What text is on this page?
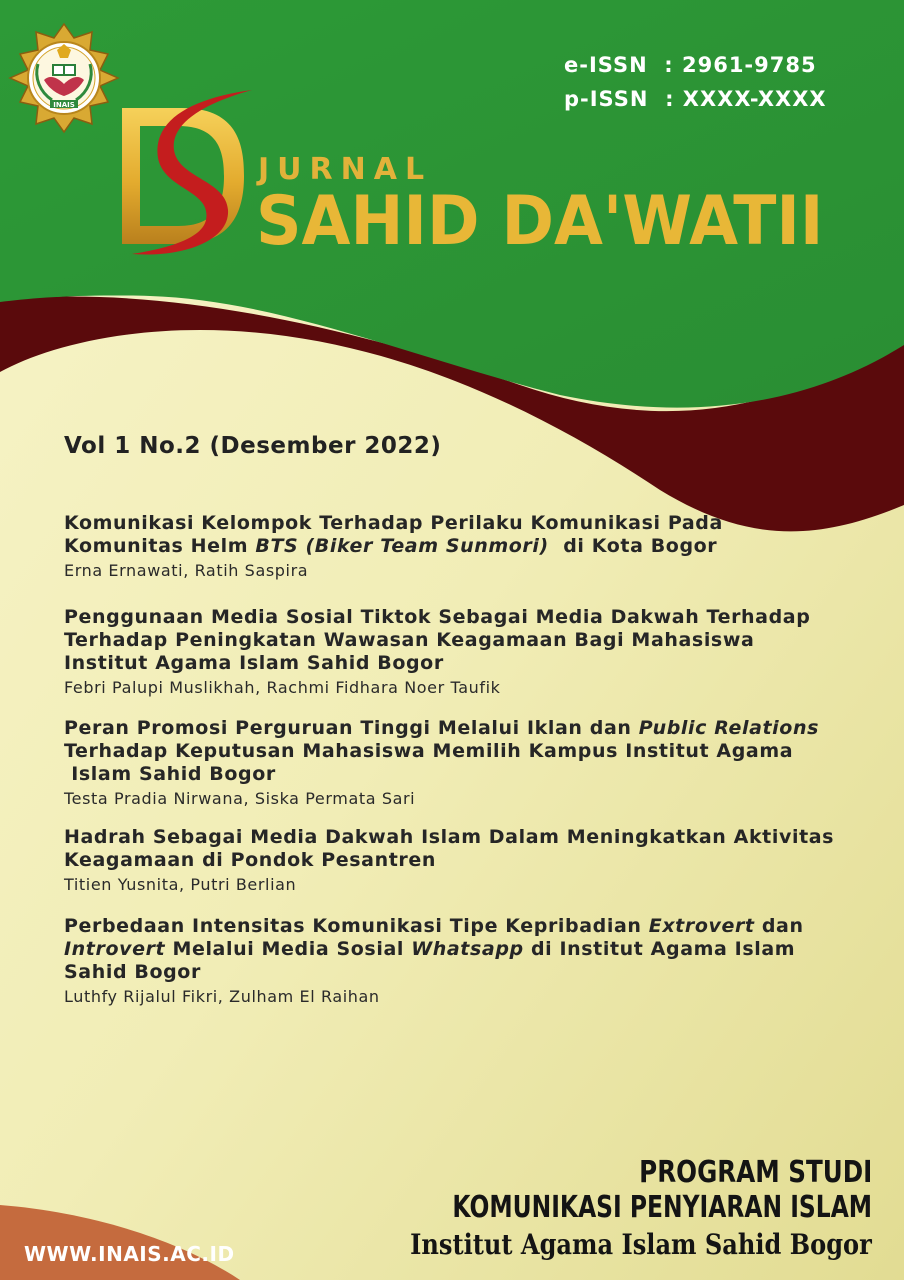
INAIS
e-ISSN  : 2961-9785
p-ISSN  : XXXX-XXXX
JURNAL
SAHID DA'WATII
Vol 1 No.2 (Desember 2022)
Komunikasi Kelompok Terhadap Perilaku Komunikasi Pada
Komunitas Helm BTS (Biker Team Sunmori)  di Kota Bogor
Erna Ernawati, Ratih Saspira
Penggunaan Media Sosial Tiktok Sebagai Media Dakwah Terhadap
Terhadap Peningkatan Wawasan Keagamaan Bagi Mahasiswa
Institut Agama Islam Sahid Bogor
Febri Palupi Muslikhah, Rachmi Fidhara Noer Taufik
Peran Promosi Perguruan Tinggi Melalui Iklan dan Public Relations
Terhadap Keputusan Mahasiswa Memilih Kampus Institut Agama
Islam Sahid Bogor
Testa Pradia Nirwana, Siska Permata Sari
Hadrah Sebagai Media Dakwah Islam Dalam Meningkatkan Aktivitas
Keagamaan di Pondok Pesantren
Titien Yusnita, Putri Berlian
Perbedaan Intensitas Komunikasi Tipe Kepribadian Extrovert dan
Introvert Melalui Media Sosial Whatsapp di Institut Agama Islam
Sahid Bogor
Luthfy Rijalul Fikri, Zulham El Raihan
PROGRAM STUDI
KOMUNIKASI PENYIARAN ISLAM
Institut Agama Islam Sahid Bogor
WWW.INAIS.AC.ID
